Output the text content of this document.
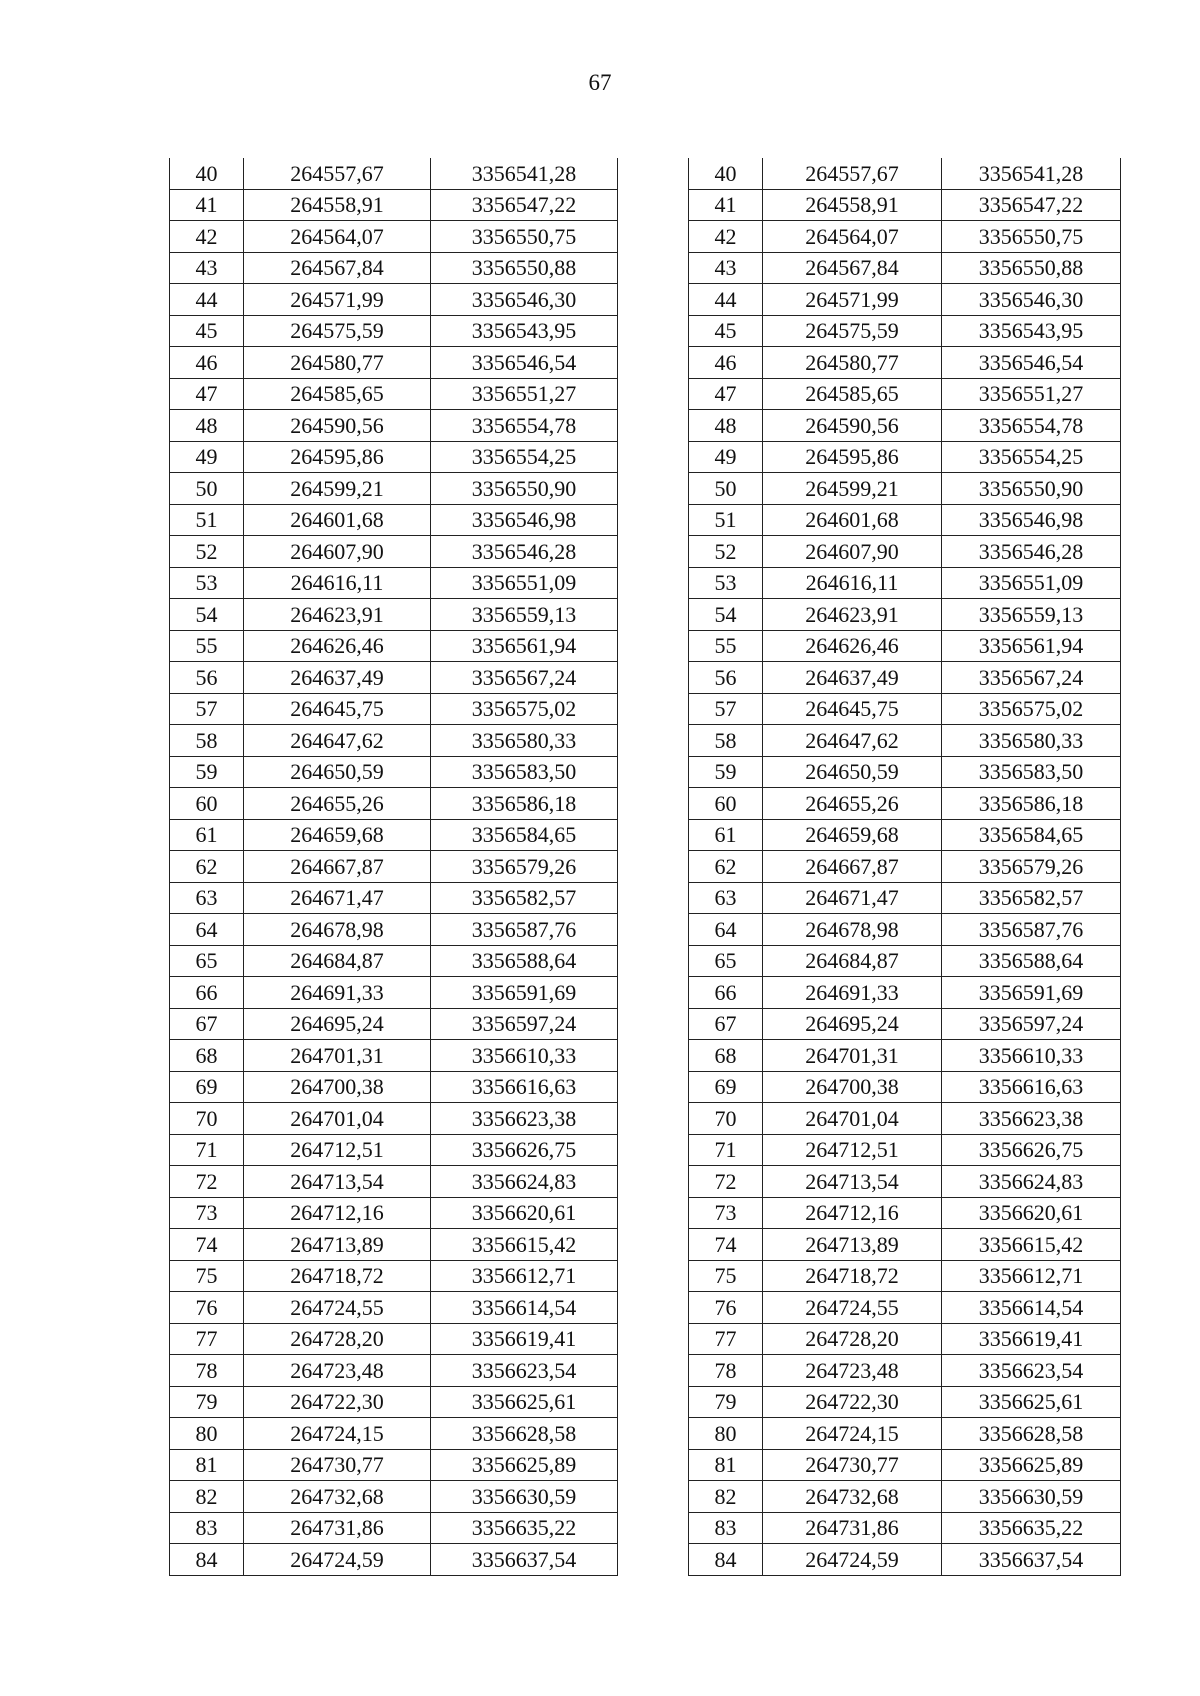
67
40	264557,67	3356541,28
41	264558,91	3356547,22
42	264564,07	3356550,75
43	264567,84	3356550,88
44	264571,99	3356546,30
45	264575,59	3356543,95
46	264580,77	3356546,54
47	264585,65	3356551,27
48	264590,56	3356554,78
49	264595,86	3356554,25
50	264599,21	3356550,90
51	264601,68	3356546,98
52	264607,90	3356546,28
53	264616,11	3356551,09
54	264623,91	3356559,13
55	264626,46	3356561,94
56	264637,49	3356567,24
57	264645,75	3356575,02
58	264647,62	3356580,33
59	264650,59	3356583,50
60	264655,26	3356586,18
61	264659,68	3356584,65
62	264667,87	3356579,26
63	264671,47	3356582,57
64	264678,98	3356587,76
65	264684,87	3356588,64
66	264691,33	3356591,69
67	264695,24	3356597,24
68	264701,31	3356610,33
69	264700,38	3356616,63
70	264701,04	3356623,38
71	264712,51	3356626,75
72	264713,54	3356624,83
73	264712,16	3356620,61
74	264713,89	3356615,42
75	264718,72	3356612,71
76	264724,55	3356614,54
77	264728,20	3356619,41
78	264723,48	3356623,54
79	264722,30	3356625,61
80	264724,15	3356628,58
81	264730,77	3356625,89
82	264732,68	3356630,59
83	264731,86	3356635,22
84	264724,59	3356637,54
40	264557,67	3356541,28
41	264558,91	3356547,22
42	264564,07	3356550,75
43	264567,84	3356550,88
44	264571,99	3356546,30
45	264575,59	3356543,95
46	264580,77	3356546,54
47	264585,65	3356551,27
48	264590,56	3356554,78
49	264595,86	3356554,25
50	264599,21	3356550,90
51	264601,68	3356546,98
52	264607,90	3356546,28
53	264616,11	3356551,09
54	264623,91	3356559,13
55	264626,46	3356561,94
56	264637,49	3356567,24
57	264645,75	3356575,02
58	264647,62	3356580,33
59	264650,59	3356583,50
60	264655,26	3356586,18
61	264659,68	3356584,65
62	264667,87	3356579,26
63	264671,47	3356582,57
64	264678,98	3356587,76
65	264684,87	3356588,64
66	264691,33	3356591,69
67	264695,24	3356597,24
68	264701,31	3356610,33
69	264700,38	3356616,63
70	264701,04	3356623,38
71	264712,51	3356626,75
72	264713,54	3356624,83
73	264712,16	3356620,61
74	264713,89	3356615,42
75	264718,72	3356612,71
76	264724,55	3356614,54
77	264728,20	3356619,41
78	264723,48	3356623,54
79	264722,30	3356625,61
80	264724,15	3356628,58
81	264730,77	3356625,89
82	264732,68	3356630,59
83	264731,86	3356635,22
84	264724,59	3356637,54
